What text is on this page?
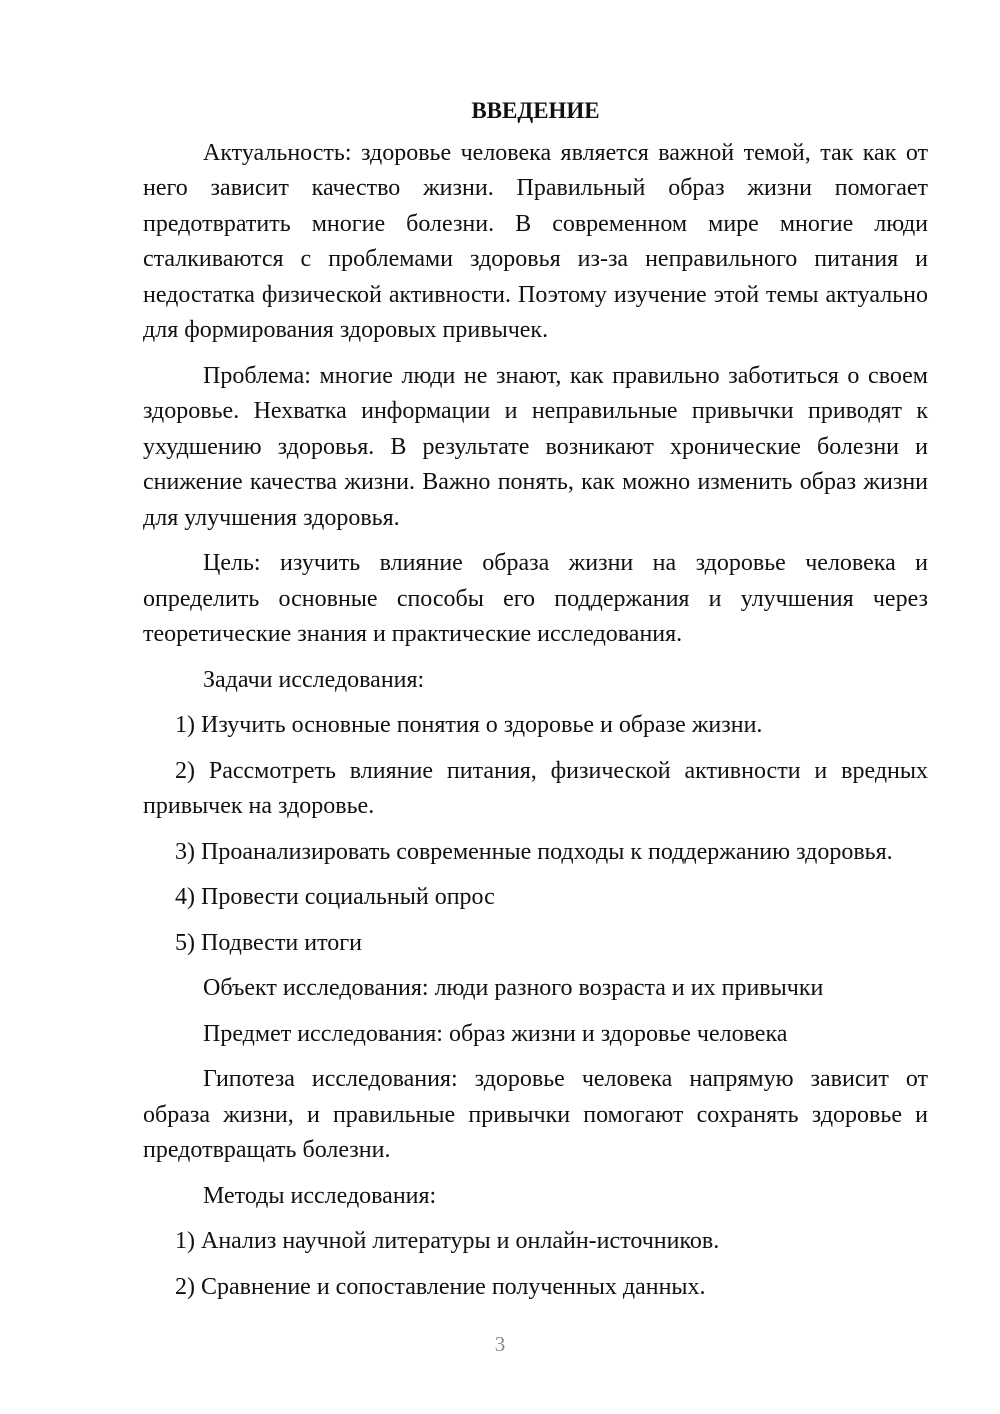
ВВЕДЕНИЕ

Актуальность: здоровье человека является важной темой, так как от него зависит качество жизни. Правильный образ жизни помогает предотвратить многие болезни. В современном мире многие люди сталкиваются с проблемами здоровья из-за неправильного питания и недостатка физической активности. Поэтому изучение этой темы актуально для формирования здоровых привычек.

Проблема: многие люди не знают, как правильно заботиться о своем здоровье. Нехватка информации и неправильные привычки приводят к ухудшению здоровья. В результате возникают хронические болезни и снижение качества жизни. Важно понять, как можно изменить образ жизни для улучшения здоровья.

Цель: изучить влияние образа жизни на здоровье человека и определить основные способы его поддержания и улучшения через теоретические знания и практические исследования.

Задачи исследования:

1) Изучить основные понятия о здоровье и образе жизни.

2) Рассмотреть влияние питания, физической активности и вредных привычек на здоровье.

3) Проанализировать современные подходы к поддержанию здоровья.

4) Провести социальный опрос

5) Подвести итоги

Объект исследования: люди разного возраста и их привычки

Предмет исследования: образ жизни и здоровье человека

Гипотеза исследования: здоровье человека напрямую зависит от образа жизни, и правильные привычки помогают сохранять здоровье и предотвращать болезни.

Методы исследования:

1) Анализ научной литературы и онлайн-источников.

2) Сравнение и сопоставление полученных данных.

3
